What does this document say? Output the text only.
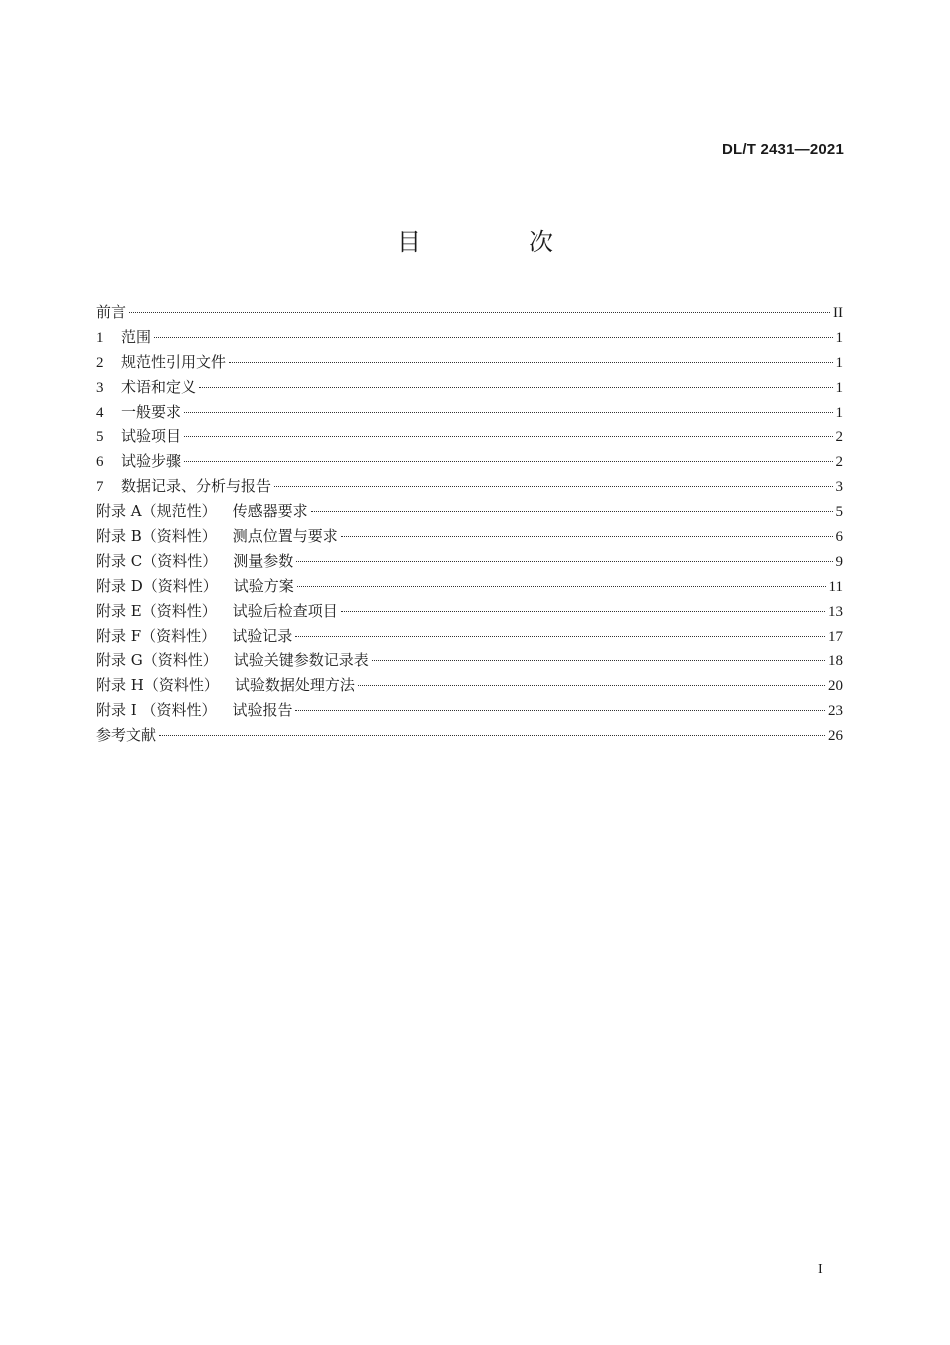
DL/T 2431—2021
目　次
前言	II
1	范围	1
2	规范性引用文件	1
3	术语和定义	1
4	一般要求	1
5	试验项目	2
6	试验步骤	2
7	数据记录、分析与报告	3
附录 A（规范性） 传感器要求	5
附录 B（资料性） 测点位置与要求	6
附录 C（资料性） 测量参数	9
附录 D（资料性） 试验方案	11
附录 E（资料性） 试验后检查项目	13
附录 F（资料性） 试验记录	17
附录 G（资料性） 试验关键参数记录表	18
附录 H（资料性） 试验数据处理方法	20
附录 I （资料性） 试验报告	23
参考文献	26
I
